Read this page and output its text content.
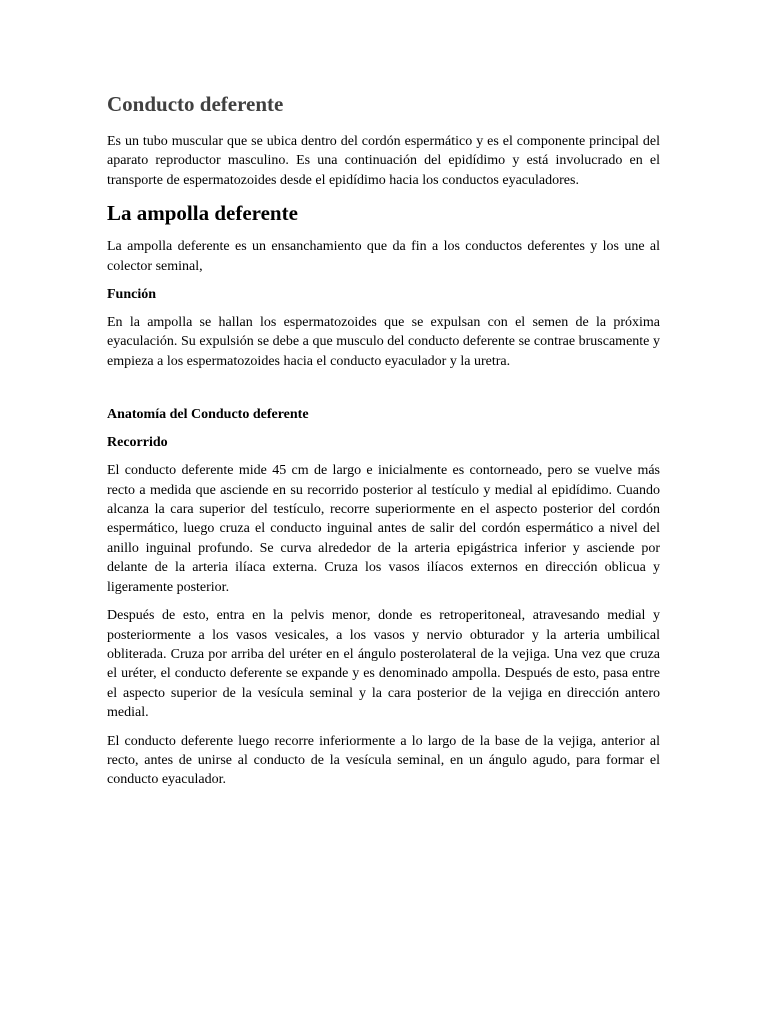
Conducto deferente

Es un tubo muscular que se ubica dentro del cordón espermático y es el componente principal del aparato reproductor masculino. Es una continuación del epidídimo y está involucrado en el transporte de espermatozoides desde el epidídimo hacia los conductos eyaculadores.

La ampolla deferente

La ampolla deferente es un ensanchamiento que da fin a los conductos deferentes y los une al colector seminal,

Función

En la ampolla se hallan los espermatozoides que se expulsan con el semen de la próxima eyaculación. Su expulsión se debe a que musculo del conducto deferente se contrae bruscamente y empieza a los espermatozoides hacia el conducto eyaculador y la uretra.

Anatomía del Conducto deferente
Recorrido

El conducto deferente mide 45 cm de largo e inicialmente es contorneado, pero se vuelve más recto a medida que asciende en su recorrido posterior al testículo y medial al epidídimo. Cuando alcanza la cara superior del testículo, recorre superiormente en el aspecto posterior del cordón espermático, luego cruza el conducto inguinal antes de salir del cordón espermático a nivel del anillo inguinal profundo. Se curva alrededor de la arteria epigástrica inferior y asciende por delante de la arteria ilíaca externa. Cruza los vasos ilíacos externos en dirección oblicua y ligeramente posterior.

Después de esto, entra en la pelvis menor, donde es retroperitoneal, atravesando medial y posteriormente a los vasos vesicales, a los vasos y nervio obturador y la arteria umbilical obliterada. Cruza por arriba del uréter en el ángulo posterolateral de la vejiga. Una vez que cruza el uréter, el conducto deferente se expande y es denominado ampolla. Después de esto, pasa entre el aspecto superior de la vesícula seminal y la cara posterior de la vejiga en dirección antero medial.

El conducto deferente luego recorre inferiormente a lo largo de la base de la vejiga, anterior al recto, antes de unirse al conducto de la vesícula seminal, en un ángulo agudo, para formar el conducto eyaculador.
